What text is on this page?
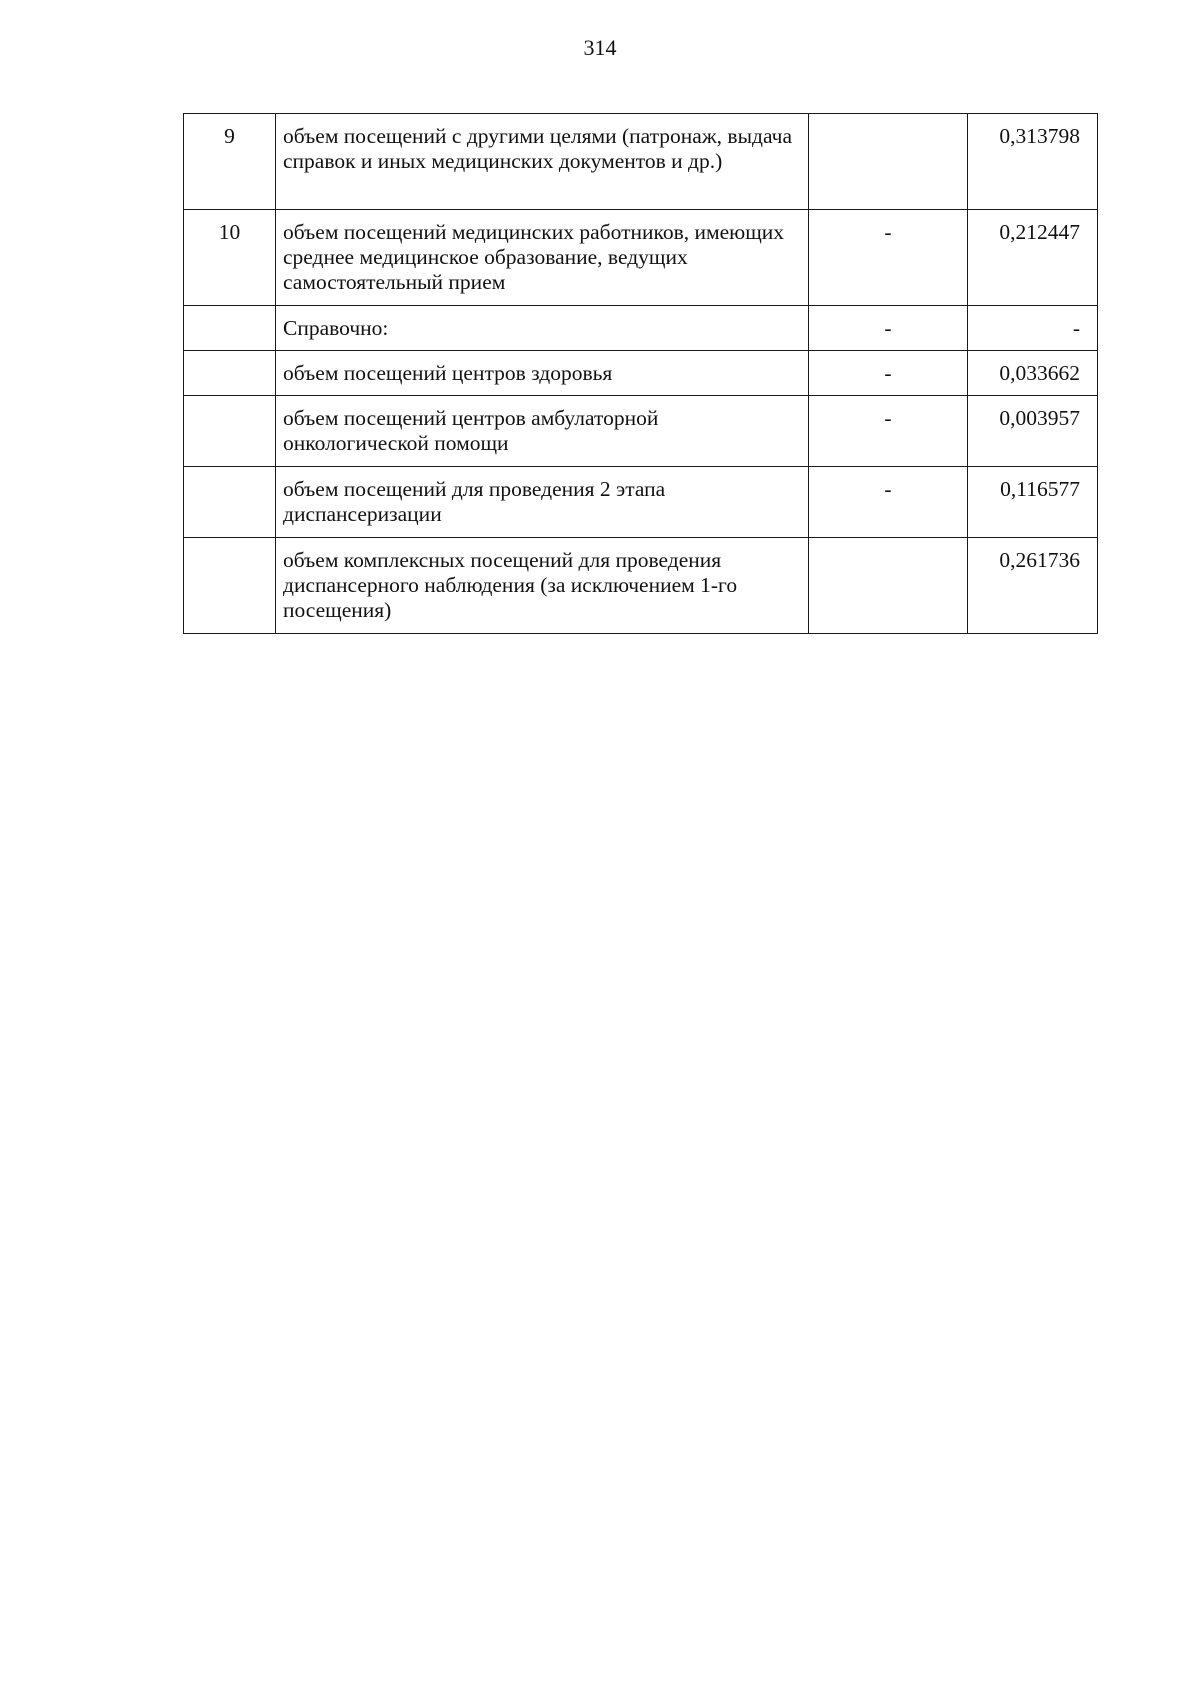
314
9	объем посещений с другими целями (патронаж, выдача справок и иных медицинских документов и др.)		0,313798
10	объем посещений медицинских работников, имеющих среднее медицинское образование, ведущих самостоятельный прием	-	0,212447
	Справочно:	-	-
	объем посещений центров здоровья	-	0,033662
	объем посещений центров амбулаторной онкологической помощи	-	0,003957
	объем посещений для проведения 2 этапа диспансеризации	-	0,116577
	объем комплексных посещений для проведения диспансерного наблюдения (за исключением 1-го посещения)		0,261736
